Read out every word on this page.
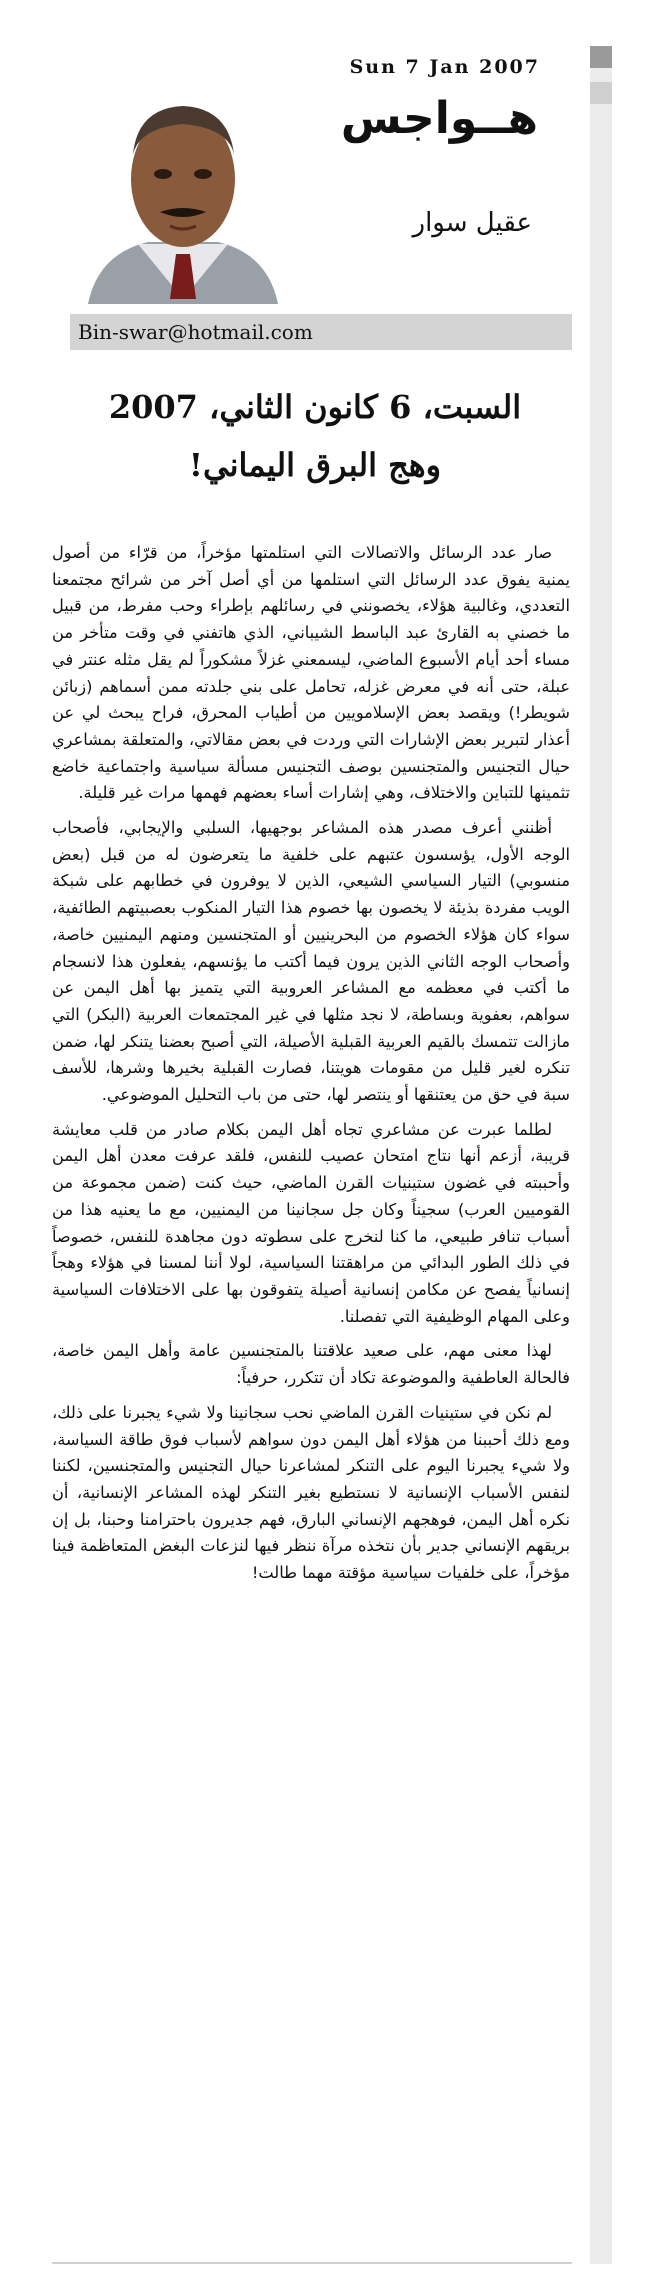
Sun 7 Jan 2007
هــواجس
عقيل سوار
Bin-swar@hotmail.com
السبت، 6 كانون الثاني، 2007
وهج البرق اليماني!

صار عدد الرسائل والاتصالات التي استلمتها مؤخراً، من قرّاء من أصول يمنية يفوق عدد الرسائل التي استلمها من أي أصل آخر من شرائح مجتمعنا التعددي، وغالبية هؤلاء، يخصونني في رسائلهم بإطراء وحب مفرط، من قبيل ما خصني به القارئ عبد الباسط الشيباني، الذي هاتفني في وقت متأخر من مساء أحد أيام الأسبوع الماضي، ليسمعني غزلاً مشكوراً لم يقل مثله عنتر في عبلة، حتى أنه في معرض غزله، تحامل على بني جلدته ممن أسماهم (زبائن شويطر!) ويقصد بعض الإسلامويين من أطياب المحرق، فراح يبحث لي عن أعذار لتبرير بعض الإشارات التي وردت في بعض مقالاتي، والمتعلقة بمشاعري حيال التجنيس والمتجنسين بوصف التجنيس مسألة سياسية واجتماعية خاضع تثمينها للتباين والاختلاف، وهي إشارات أساء بعضهم فهمها مرات غير قليلة.

أظنني أعرف مصدر هذه المشاعر بوجهيها، السلبي والإيجابي، فأصحاب الوجه الأول، يؤسسون عتبهم على خلفية ما يتعرضون له من قبل (بعض منسوبي) التيار السياسي الشيعي، الذين لا يوفرون في خطابهم على شبكة الويب مفردة بذيئة لا يخصون بها خصوم هذا التيار المنكوب بعصبيتهم الطائفية، سواء كان هؤلاء الخصوم من البحرينيين أو المتجنسين ومنهم اليمنيين خاصة، وأصحاب الوجه الثاني الذين يرون فيما أكتب ما يؤنسهم، يفعلون هذا لانسجام ما أكتب في معظمه مع المشاعر العروبية التي يتميز بها أهل اليمن عن سواهم، بعفوية وبساطة، لا نجد مثلها في غير المجتمعات العربية (البكر) التي مازالت تتمسك بالقيم العربية القبلية الأصيلة، التي أصبح بعضنا يتنكر لها، ضمن تنكره لغير قليل من مقومات هويتنا، فصارت القبلية بخيرها وشرها، للأسف سبة في حق من يعتنقها أو ينتصر لها، حتى من باب التحليل الموضوعي.

لطلما عبرت عن مشاعري تجاه أهل اليمن بكلام صادر من قلب معايشة قريبة، أزعم أنها نتاج امتحان عصيب للنفس، فلقد عرفت معدن أهل اليمن وأحببته في غضون ستينيات القرن الماضي، حيث كنت (ضمن مجموعة من القوميين العرب) سجيناً وكان جل سجانينا من اليمنيين، مع ما يعنيه هذا من أسباب تنافر طبيعي، ما كنا لنخرج على سطوته دون مجاهدة للنفس، خصوصاً في ذلك الطور البدائي من مراهقتنا السياسية، لولا أننا لمسنا في هؤلاء وهجاً إنسانياً يفصح عن مكامن إنسانية أصيلة يتفوقون بها على الاختلافات السياسية وعلى المهام الوظيفية التي تفصلنا.

لهذا معنى مهم، على صعيد علاقتنا بالمتجنسين عامة وأهل اليمن خاصة، فالحالة العاطفية والموضوعة تكاد أن تتكرر، حرفياً:

لم نكن في ستينيات القرن الماضي نحب سجانينا ولا شيء يجبرنا على ذلك، ومع ذلك أحببنا من هؤلاء أهل اليمن دون سواهم لأسباب فوق طاقة السياسة، ولا شيء يجبرنا اليوم على التنكر لمشاعرنا حيال التجنيس والمتجنسين، لكننا لنفس الأسباب الإنسانية لا نستطيع بغير التنكر لهذه المشاعر الإنسانية، أن نكره أهل اليمن، فوهجهم الإنساني البارق، فهم جديرون باحترامنا وحبنا، بل إن بريقهم الإنساني جدير بأن نتخذه مرآة ننظر فيها لنزعات البغض المتعاظمة فينا مؤخراً، على خلفيات سياسية مؤقتة مهما طالت!
